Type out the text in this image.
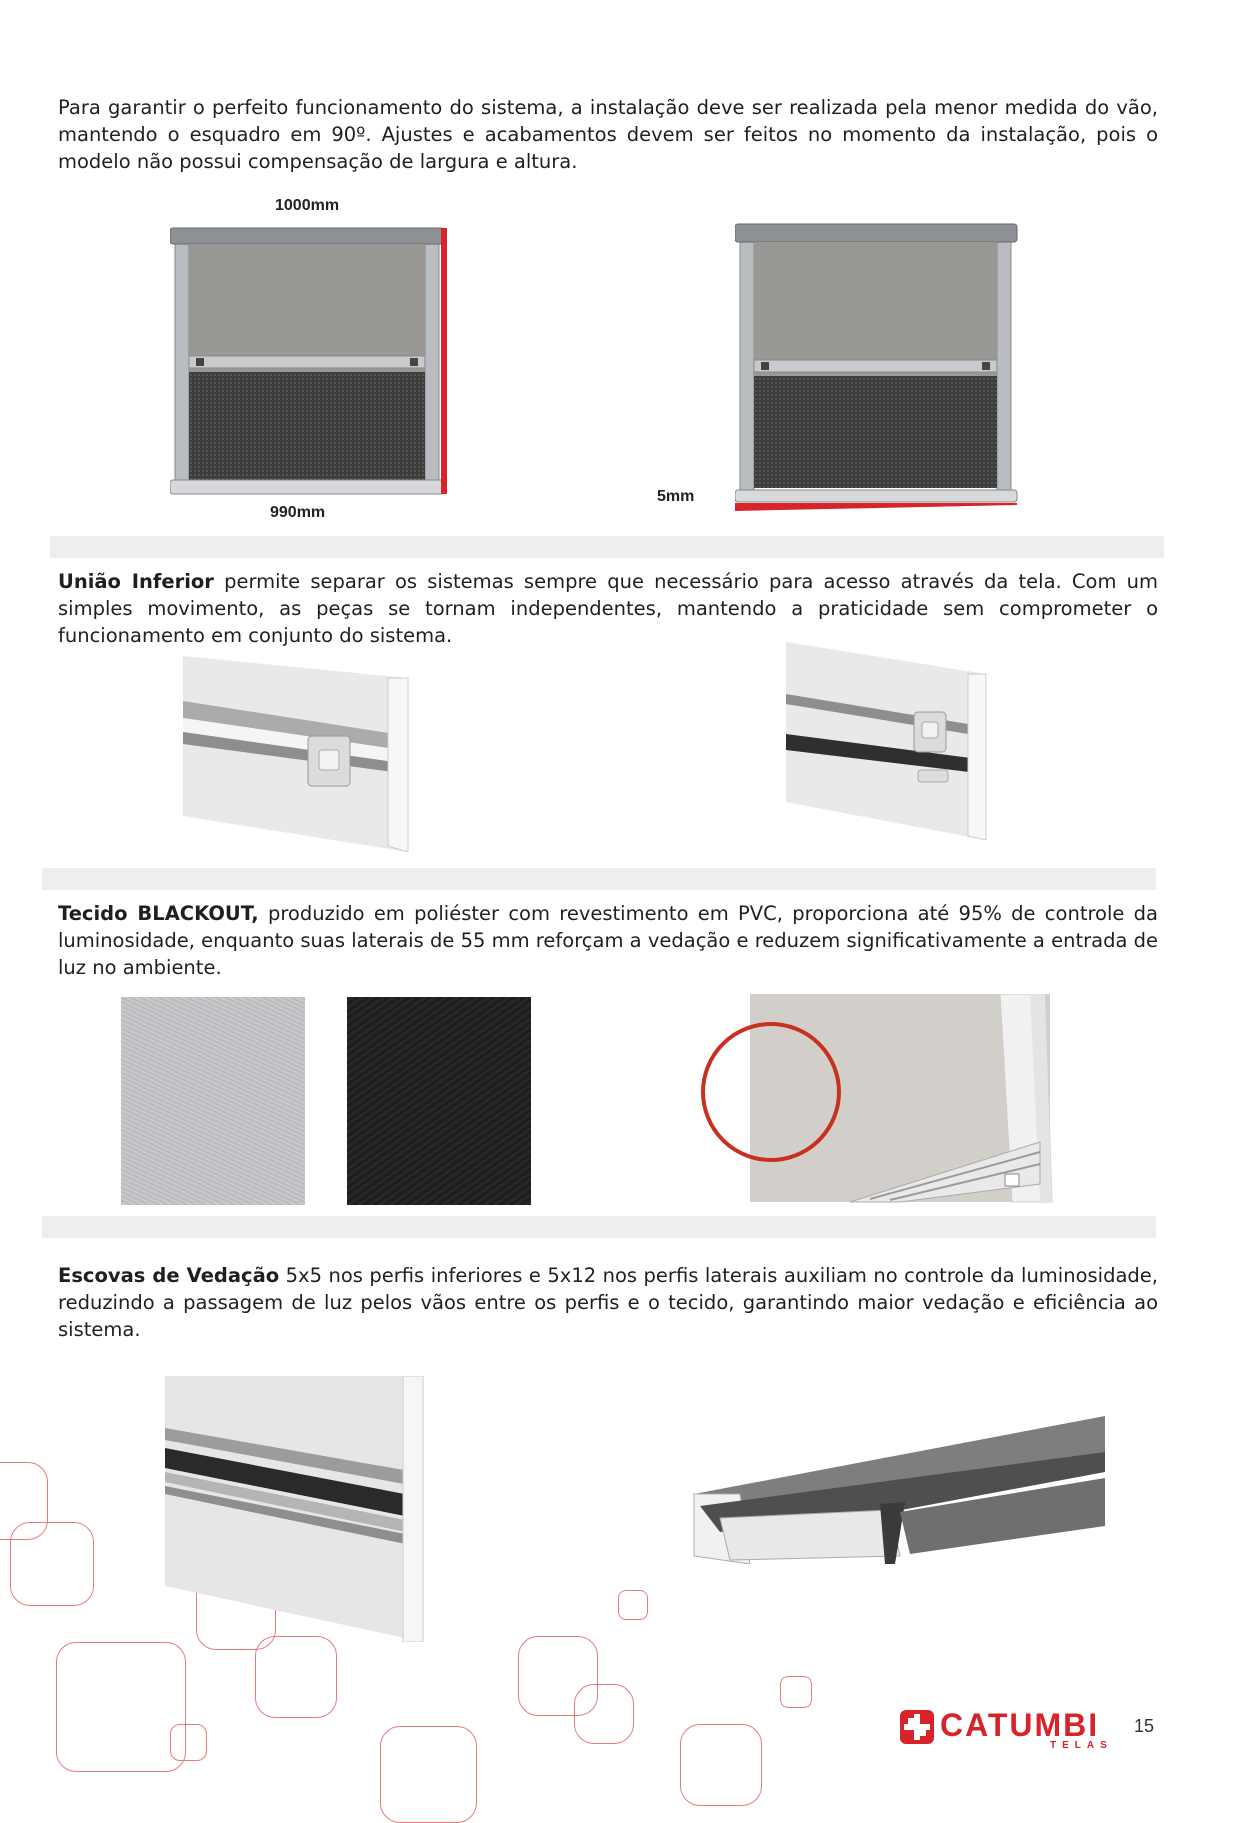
Para garantir o perfeito funcionamento do sistema, a instalação deve ser realizada pela menor medida do vão, mantendo o esquadro em 90º. Ajustes e acabamentos devem ser feitos no momento da instalação, pois o modelo não possui compensação de largura e altura.

1000mm
990mm
5mm

União Inferior permite separar os sistemas sempre que necessário para acesso através da tela. Com um simples movimento, as peças se tornam independentes, mantendo a praticidade sem comprometer o funcionamento em conjunto do sistema.

Tecido BLACKOUT, produzido em poliéster com revestimento em PVC, proporciona até 95% de controle da luminosidade, enquanto suas laterais de 55 mm reforçam a vedação e reduzem significativamente a entrada de luz no ambiente.

Escovas de Vedação 5x5 nos perfis inferiores e 5x12 nos perfis laterais auxiliam no controle da luminosidade, reduzindo a passagem de luz pelos vãos entre os perfis e o tecido, garantindo maior vedação e eficiência ao sistema.

CATUMBI
TELAS
15
